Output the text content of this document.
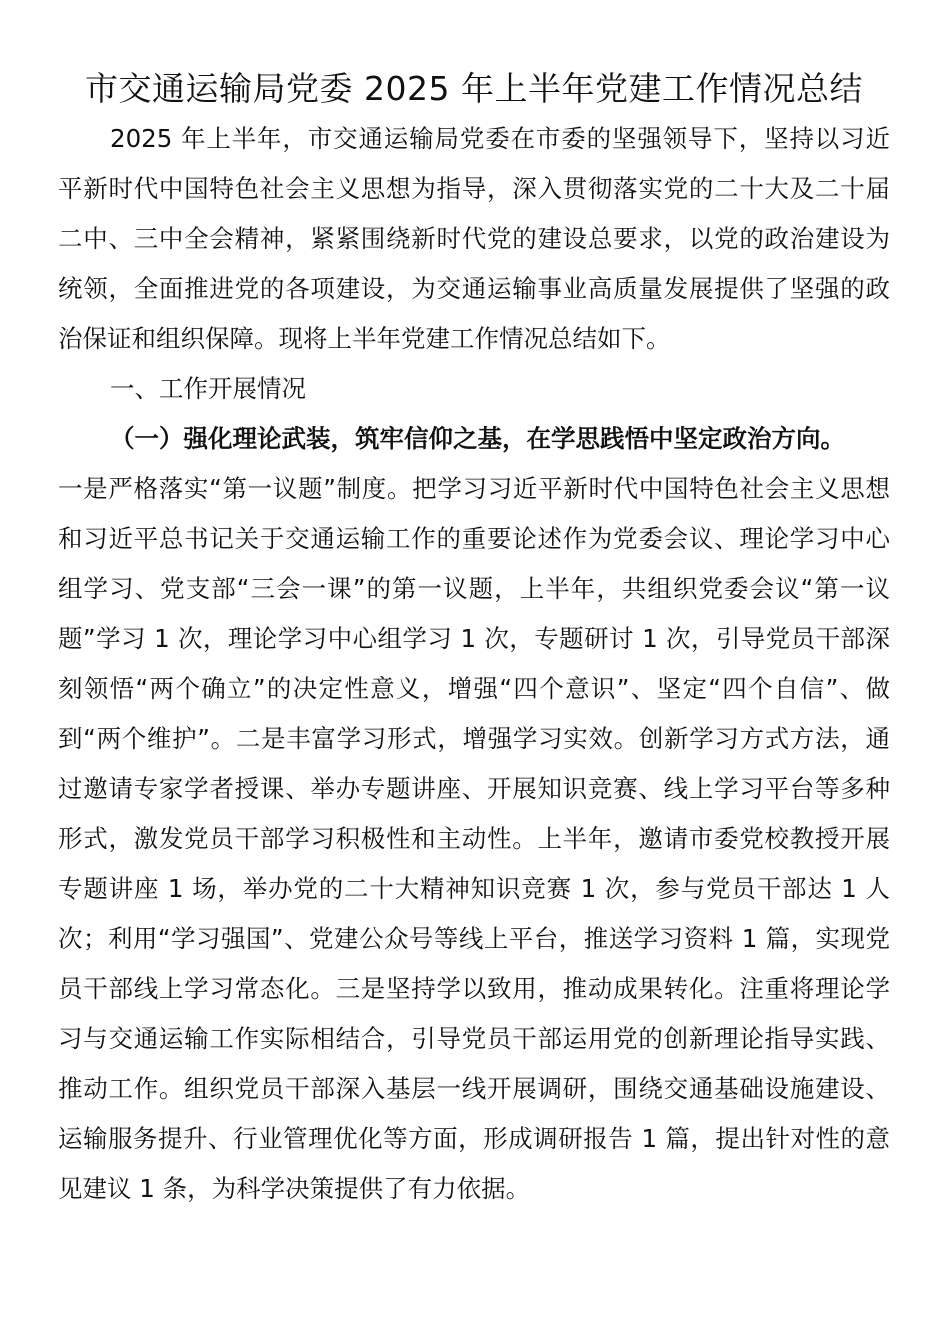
市交通运输局党委 2025 年上半年党建工作情况总结

2025 年上半年，市交通运输局党委在市委的坚强领导下，坚持以习近平新时代中国特色社会主义思想为指导，深入贯彻落实党的二十大及二十届二中、三中全会精神，紧紧围绕新时代党的建设总要求，以党的政治建设为统领，全面推进党的各项建设，为交通运输事业高质量发展提供了坚强的政治保证和组织保障。现将上半年党建工作情况总结如下。

一、工作开展情况

（一）强化理论武装，筑牢信仰之基，在学思践悟中坚定政治方向。

一是严格落实“第一议题”制度。把学习习近平新时代中国特色社会主义思想和习近平总书记关于交通运输工作的重要论述作为党委会议、理论学习中心组学习、党支部“三会一课”的第一议题，上半年，共组织党委会议“第一议题”学习 1 次，理论学习中心组学习 1 次，专题研讨 1 次，引导党员干部深刻领悟“两个确立”的决定性意义，增强“四个意识”、坚定“四个自信”、做到“两个维护”。二是丰富学习形式，增强学习实效。创新学习方式方法，通过邀请专家学者授课、举办专题讲座、开展知识竞赛、线上学习平台等多种形式，激发党员干部学习积极性和主动性。上半年，邀请市委党校教授开展专题讲座 1 场，举办党的二十大精神知识竞赛 1 次，参与党员干部达 1 人次；利用“学习强国”、党建公众号等线上平台，推送学习资料 1 篇，实现党员干部线上学习常态化。三是坚持学以致用，推动成果转化。注重将理论学习与交通运输工作实际相结合，引导党员干部运用党的创新理论指导实践、推动工作。组织党员干部深入基层一线开展调研，围绕交通基础设施建设、运输服务提升、行业管理优化等方面，形成调研报告 1 篇，提出针对性的意见建议 1 条，为科学决策提供了有力依据。
